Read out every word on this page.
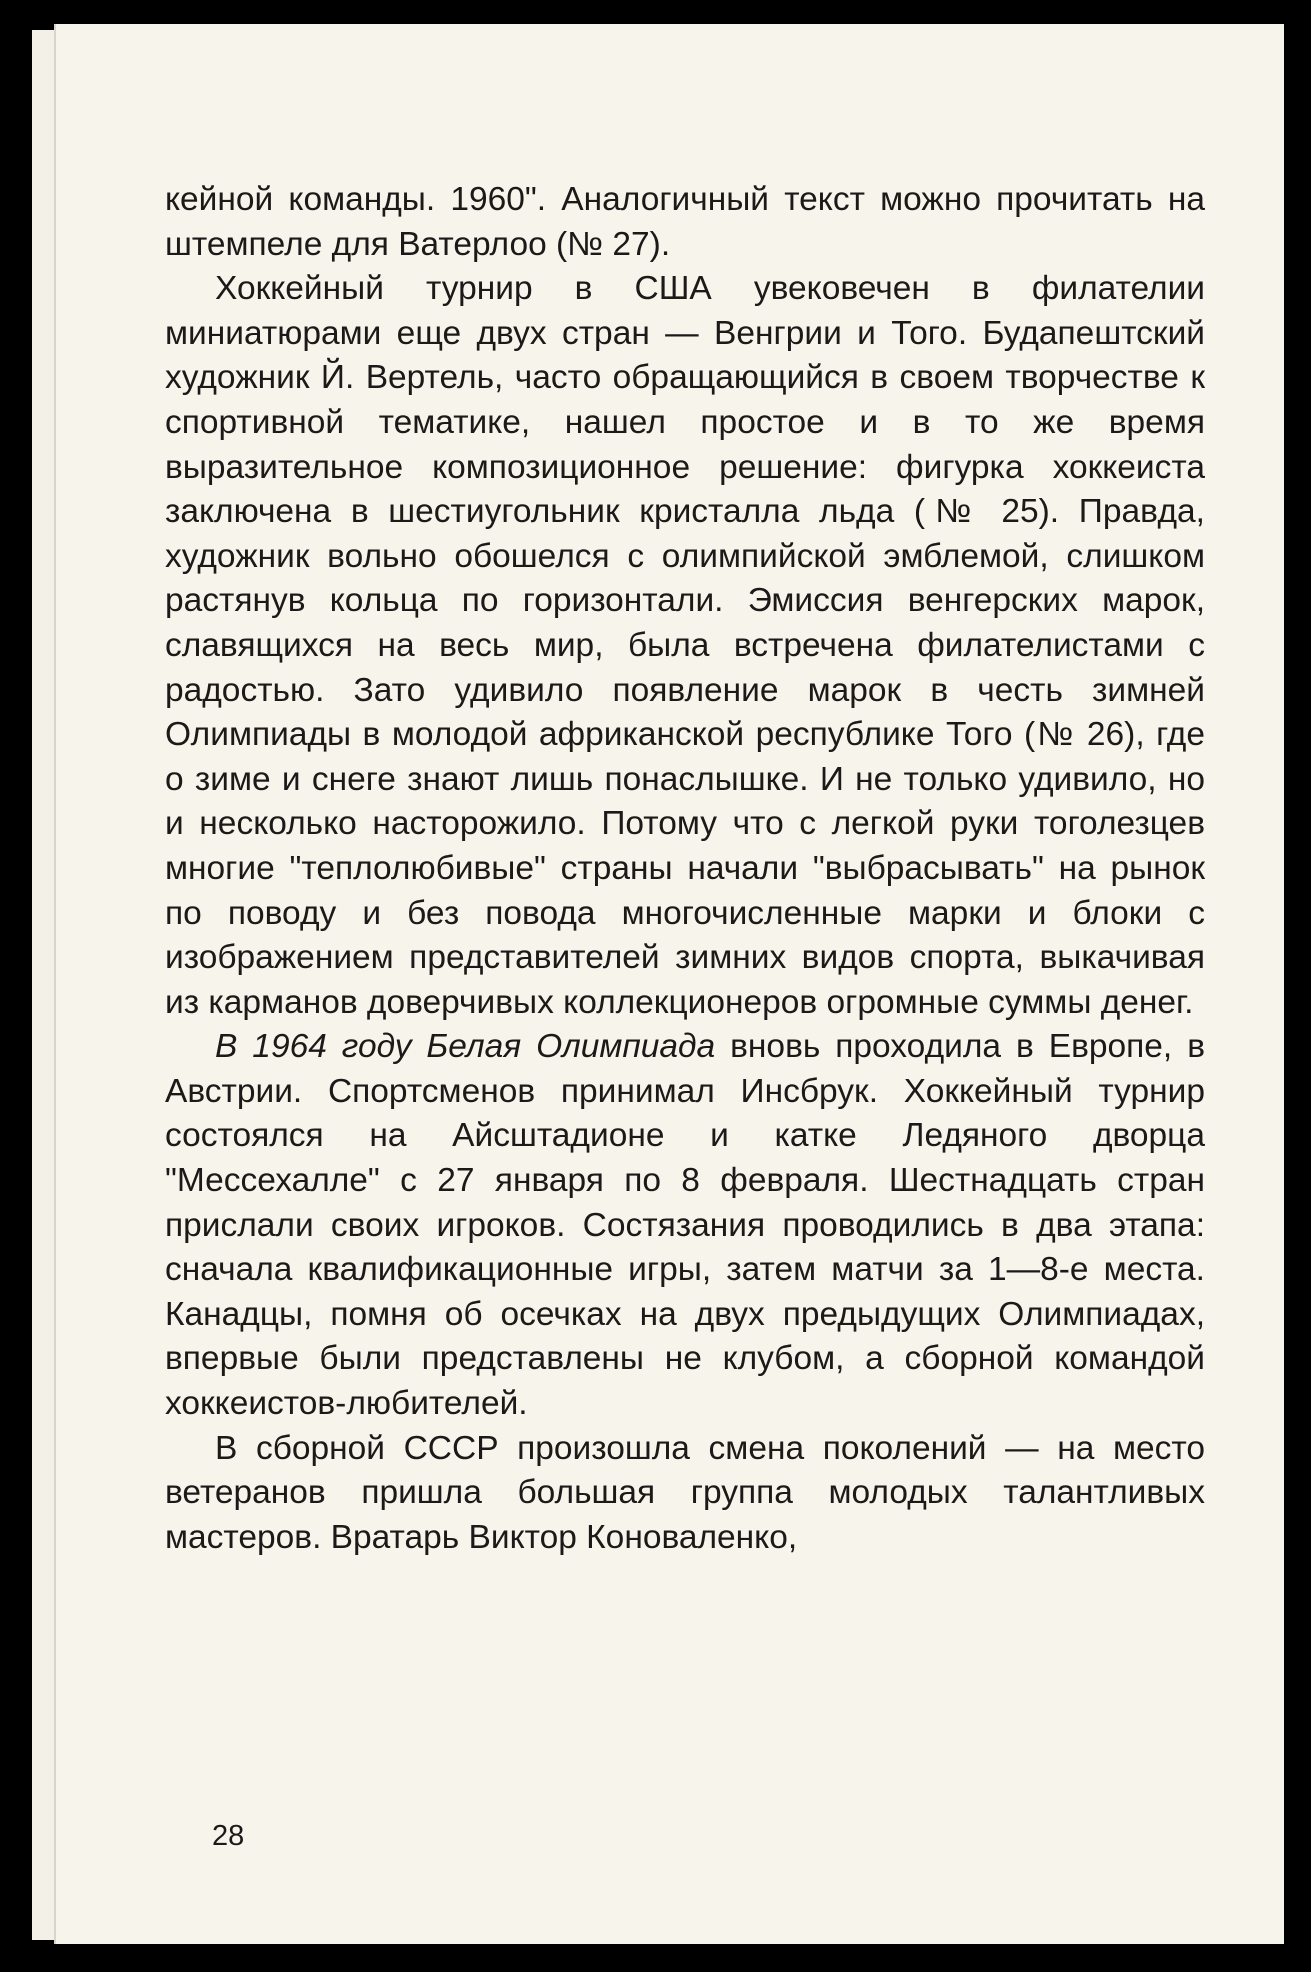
кейной команды. 1960". Аналогичный текст можно прочитать на штемпеле для Ватерлоо (№ 27).

Хоккейный турнир в США увековечен в филателии миниатюрами еще двух стран — Венгрии и Того. Будапештский художник Й. Вертель, часто обращающийся в своем творчестве к спортивной тематике, нашел простое и в то же время выразительное композиционное решение: фигурка хоккеиста заключена в шестиугольник кристалла льда (№ 25). Правда, художник вольно обошелся с олимпийской эмблемой, слишком растянув кольца по горизонтали. Эмиссия венгерских марок, славящихся на весь мир, была встречена филателистами с радостью. Зато удивило появление марок в честь зимней Олимпиады в молодой африканской республике Того (№ 26), где о зиме и снеге знают лишь понаслышке. И не только удивило, но и несколько насторожило. Потому что с легкой руки тоголезцев многие "теплолюбивые" страны начали "выбрасывать" на рынок по поводу и без повода многочисленные марки и блоки с изображением представителей зимних видов спорта, выкачивая из карманов доверчивых коллекционеров огромные суммы денег.

В 1964 году Белая Олимпиада вновь проходила в Европе, в Австрии. Спортсменов принимал Инсбрук. Хоккейный турнир состоялся на Айсштадионе и катке Ледяного дворца "Мессехалле" с 27 января по 8 февраля. Шестнадцать стран прислали своих игроков. Состязания проводились в два этапа: сначала квалификационные игры, затем матчи за 1—8-е места. Канадцы, помня об осечках на двух предыдущих Олимпиадах, впервые были представлены не клубом, а сборной командой хоккеистов-любителей.

В сборной СССР произошла смена поколений — на место ветеранов пришла большая группа молодых талантливых мастеров. Вратарь Виктор Коноваленко,

28
